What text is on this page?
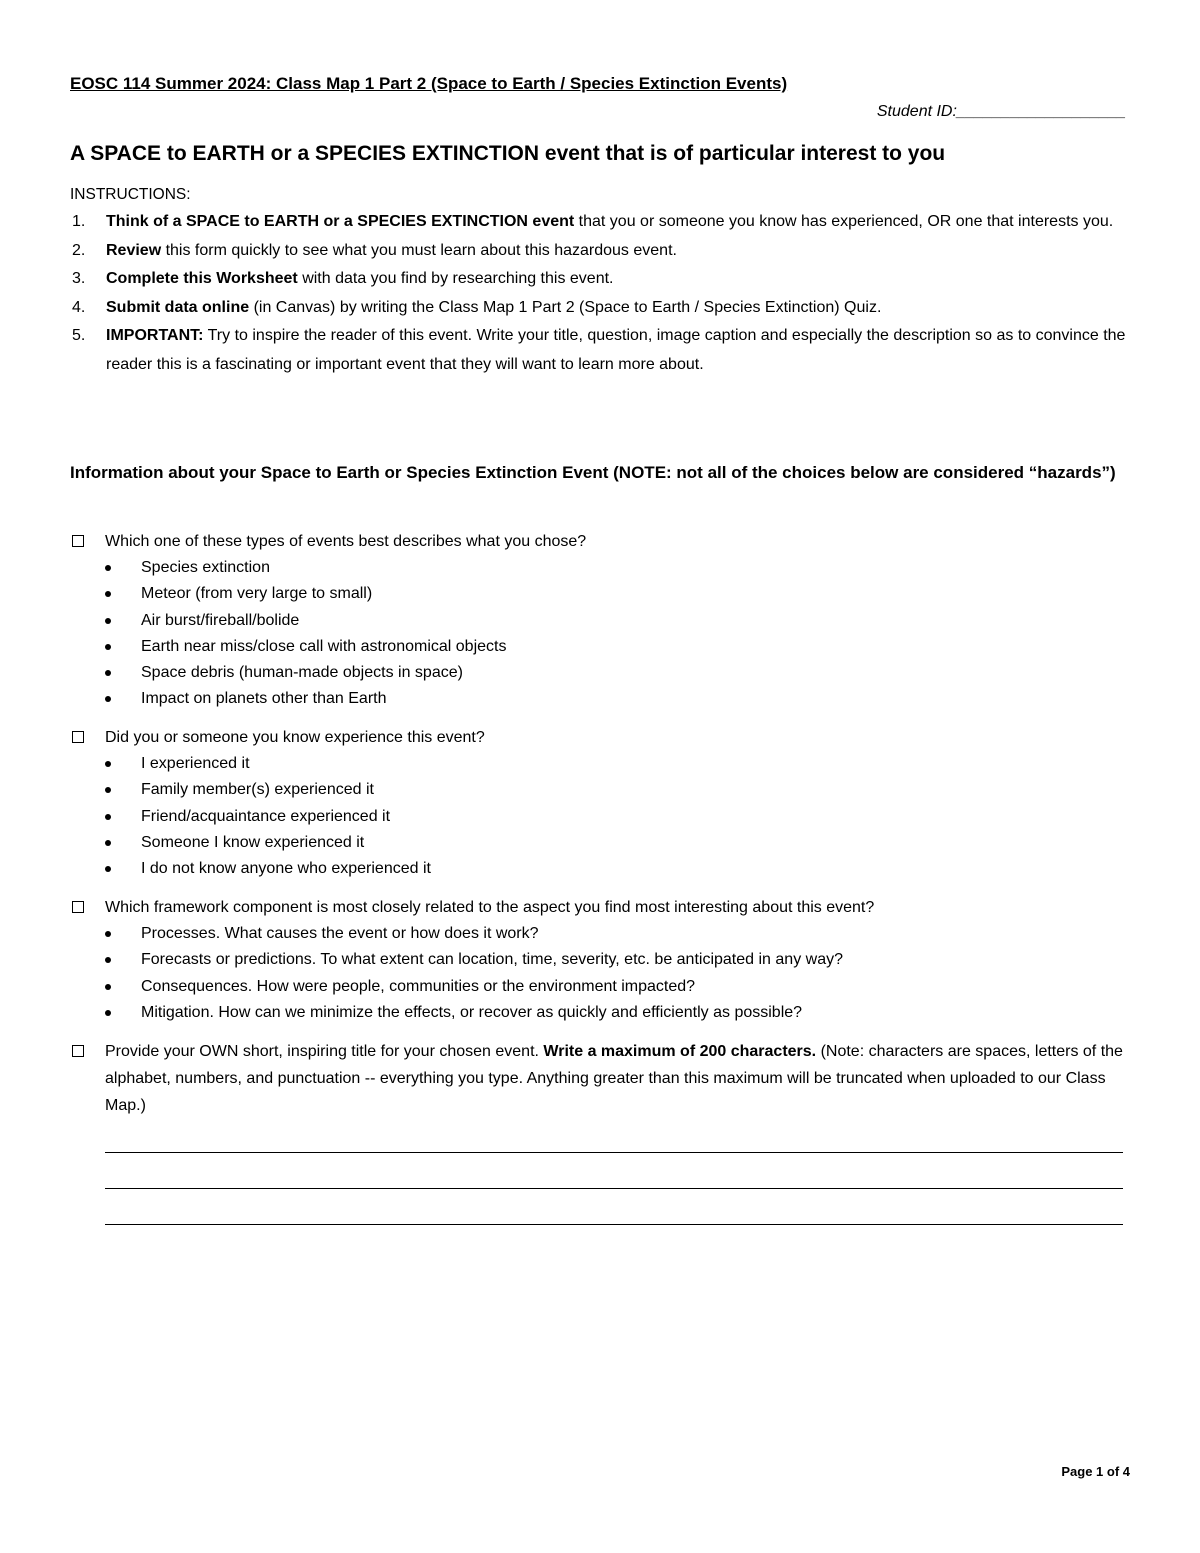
EOSC 114 Summer 2024: Class Map 1 Part 2 (Space to Earth / Species Extinction Events)
Student ID:___________________
A SPACE to EARTH or a SPECIES EXTINCTION event that is of particular interest to you
INSTRUCTIONS:
1. Think of a SPACE to EARTH or a SPECIES EXTINCTION event that you or someone you know has experienced, OR one that interests you.
2. Review this form quickly to see what you must learn about this hazardous event.
3. Complete this Worksheet with data you find by researching this event.
4. Submit data online (in Canvas) by writing the Class Map 1 Part 2 (Space to Earth / Species Extinction) Quiz.
5. IMPORTANT: Try to inspire the reader of this event. Write your title, question, image caption and especially the description so as to convince the reader this is a fascinating or important event that they will want to learn more about.
Information about your Space to Earth or Species Extinction Event (NOTE: not all of the choices below are considered “hazards”)
Which one of these types of events best describes what you chose?
Species extinction
Meteor (from very large to small)
Air burst/fireball/bolide
Earth near miss/close call with astronomical objects
Space debris (human-made objects in space)
Impact on planets other than Earth
Did you or someone you know experience this event?
I experienced it
Family member(s) experienced it
Friend/acquaintance experienced it
Someone I know experienced it
I do not know anyone who experienced it
Which framework component is most closely related to the aspect you find most interesting about this event?
Processes. What causes the event or how does it work?
Forecasts or predictions. To what extent can location, time, severity, etc. be anticipated in any way?
Consequences. How were people, communities or the environment impacted?
Mitigation. How can we minimize the effects, or recover as quickly and efficiently as possible?
Provide your OWN short, inspiring title for your chosen event. Write a maximum of 200 characters. (Note: characters are spaces, letters of the alphabet, numbers, and punctuation -- everything you type. Anything greater than this maximum will be truncated when uploaded to our Class Map.)
Page 1 of 4
